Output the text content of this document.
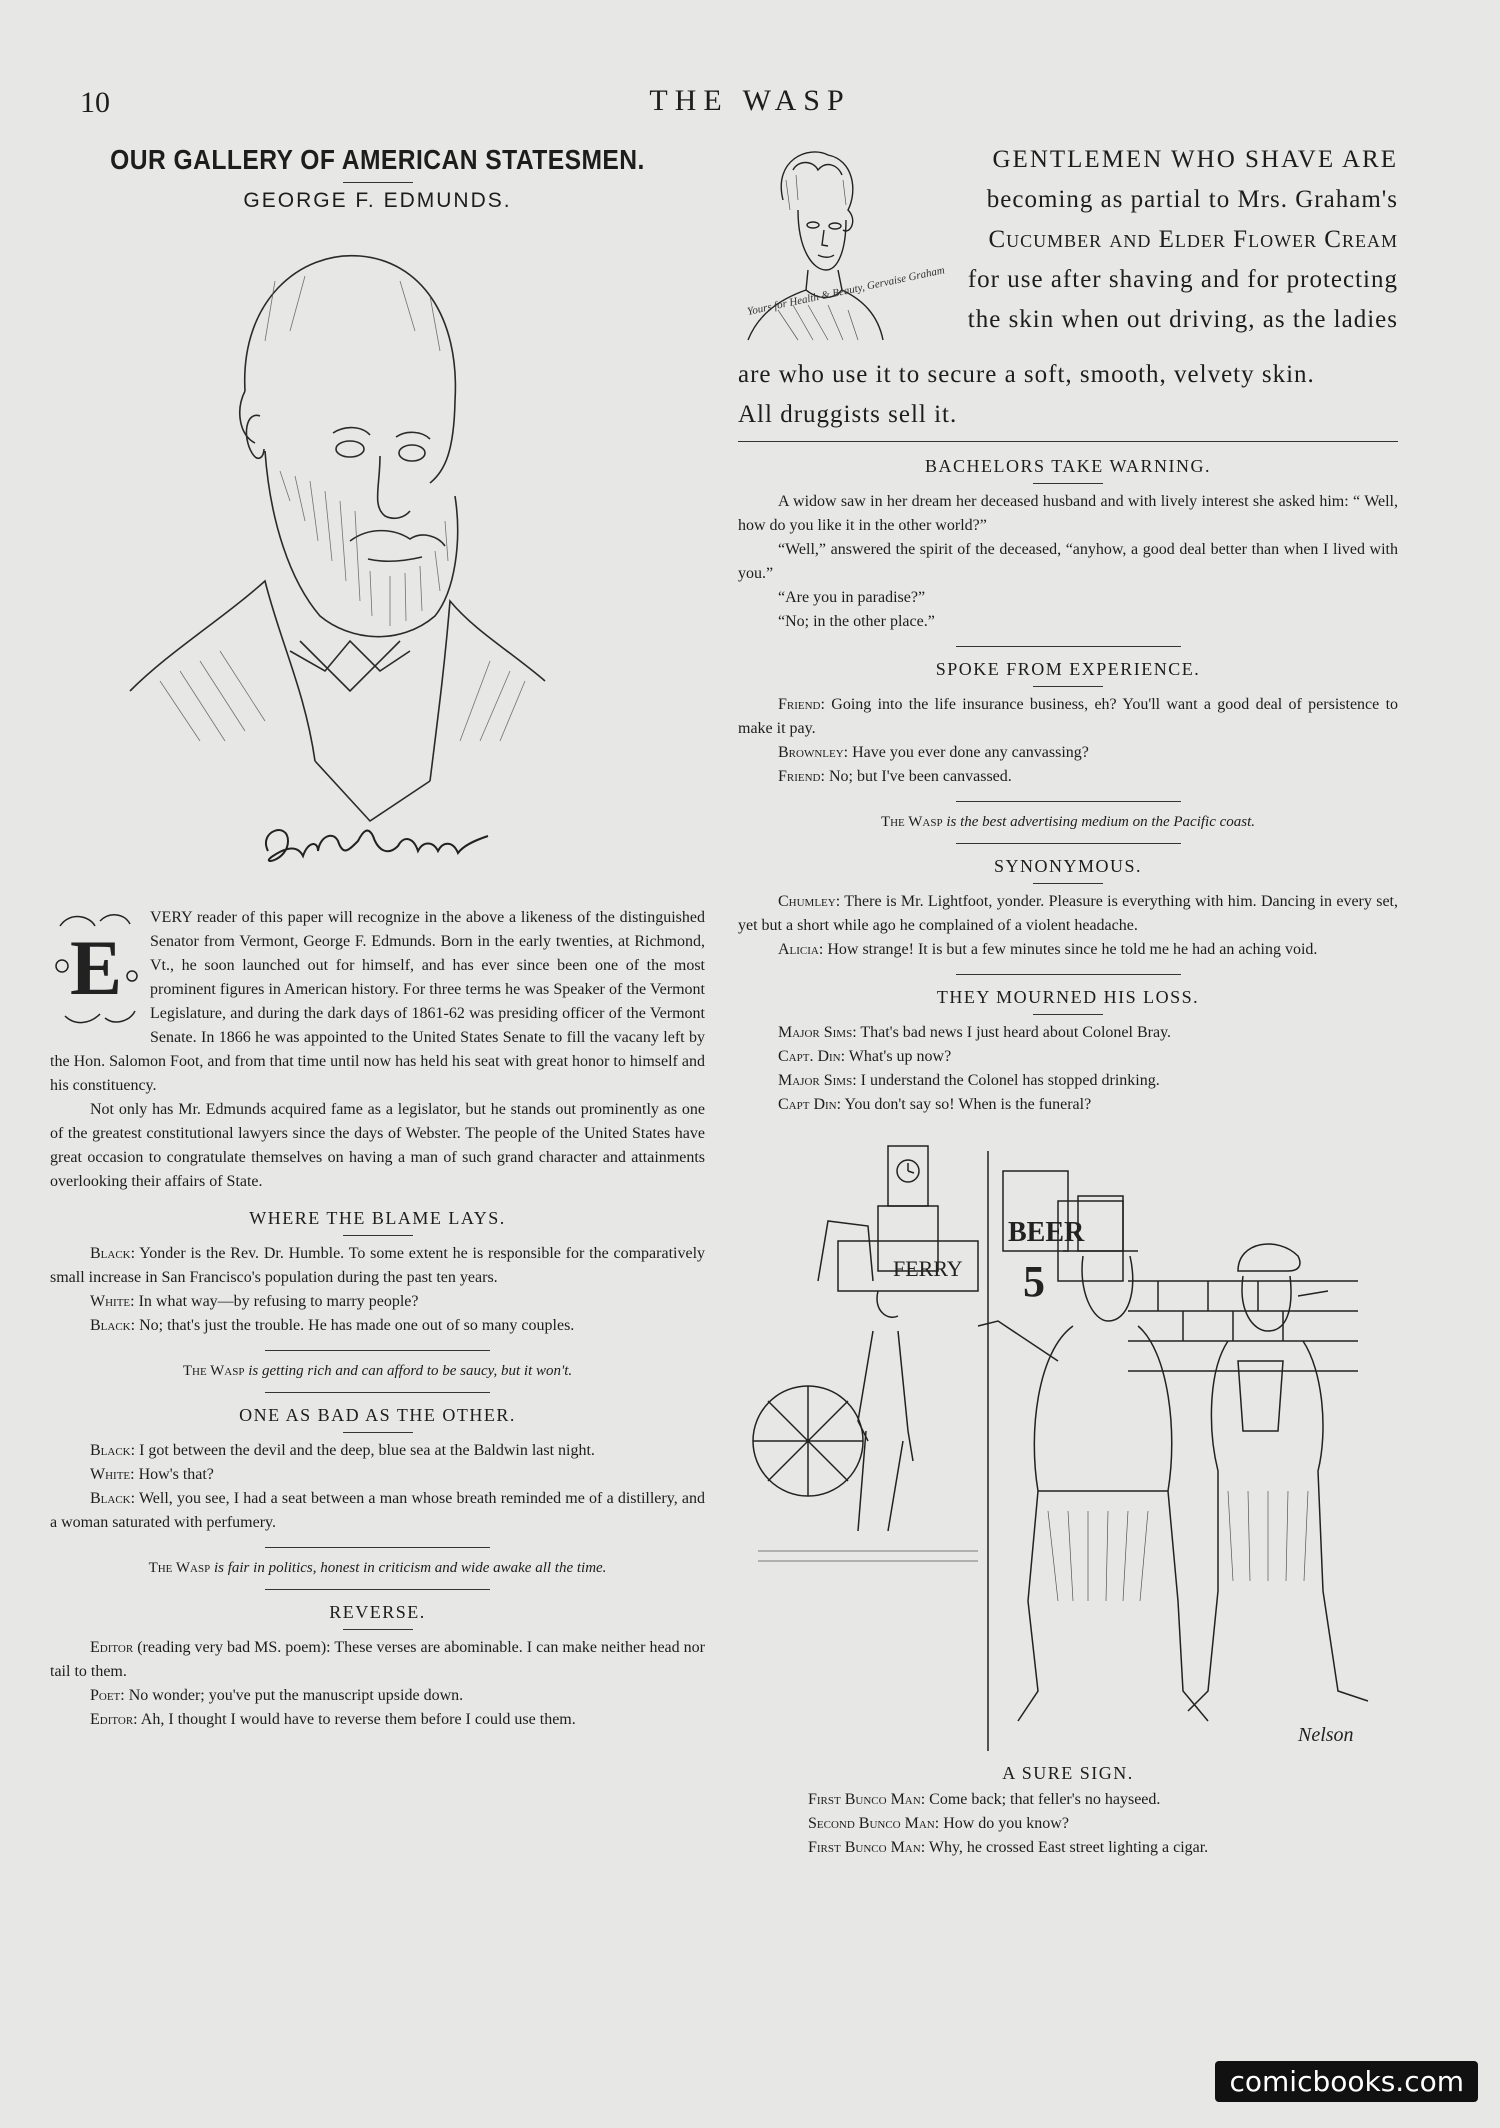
10	THE WASP
OUR GALLERY OF AMERICAN STATESMEN.
GEORGE F. EDMUNDS.
E

VERY reader of this paper will recognize in the above a likeness of the distinguished Senator from Vermont, George F. Edmunds. Born in the early twenties, at Richmond, Vt., he soon launched out for himself, and has ever since been one of the most prominent figures in American history. For three terms he was Speaker of the Vermont Legislature, and during the dark days of 1861-62 was presiding officer of the Vermont Senate. In 1866 he was appointed to the United States Senate to fill the vacany left by the Hon. Salomon Foot, and from that time until now has held his seat with great honor to himself and his constituency.

Not only has Mr. Edmunds acquired fame as a legislator, but he stands out prominently as one of the greatest constitutional lawyers since the days of Webster. The people of the United States have great occasion to congratulate themselves on having a man of such grand character and attainments overlooking their affairs of State.

WHERE THE BLAME LAYS.

Black: Yonder is the Rev. Dr. Humble. To some extent he is responsible for the comparatively small increase in San Francisco's population during the past ten years.

White: In what way—by refusing to marry people?

Black: No; that's just the trouble. He has made one out of so many couples.

The Wasp is getting rich and can afford to be saucy, but it won't.
ONE AS BAD AS THE OTHER.

Black: I got between the devil and the deep, blue sea at the Baldwin last night.

White: How's that?

Black: Well, you see, I had a seat between a man whose breath reminded me of a distillery, and a woman saturated with perfumery.

The Wasp is fair in politics, honest in criticism and wide awake all the time.
REVERSE.

Editor (reading very bad MS. poem): These verses are abominable. I can make neither head nor tail to them.

Poet: No wonder; you've put the manuscript upside down.

Editor: Ah, I thought I would have to reverse them before I could use them.

Yours for Health & Beauty, Gervaise Graham
GENTLEMEN WHO SHAVE ARE
becoming as partial to Mrs. Graham's
Cucumber and Elder Flower Cream
for use after shaving and for protecting
the skin when out driving, as the ladies
are who use it to secure a soft, smooth, velvety skin.
All druggists sell it.
BACHELORS TAKE WARNING.

A widow saw in her dream her deceased husband and with lively interest she asked him: “ Well, how do you like it in the other world?”

“Well,” answered the spirit of the deceased, “anyhow, a good deal better than when I lived with you.”

“Are you in paradise?”

“No; in the other place.”

SPOKE FROM EXPERIENCE.

Friend: Going into the life insurance business, eh? You'll want a good deal of persistence to make it pay.

Brownley: Have you ever done any canvassing?

Friend: No; but I've been canvassed.

The Wasp is the best advertising medium on the Pacific coast.
SYNONYMOUS.

Chumley: There is Mr. Lightfoot, yonder. Pleasure is everything with him. Dancing in every set, yet but a short while ago he complained of a violent headache.

Alicia: How strange! It is but a few minutes since he told me he had an aching void.

THEY MOURNED HIS LOSS.

Major Sims: That's bad news I just heard about Colonel Bray.

Capt. Din: What's up now?

Major Sims: I understand the Colonel has stopped drinking.

Capt Din: You don't say so! When is the funeral?

FERRY
BEER
5
Nelson
A SURE SIGN.

First Bunco Man: Come back; that feller's no hayseed.

Second Bunco Man: How do you know?

First Bunco Man: Why, he crossed East street lighting a cigar.

comicbooks.com
